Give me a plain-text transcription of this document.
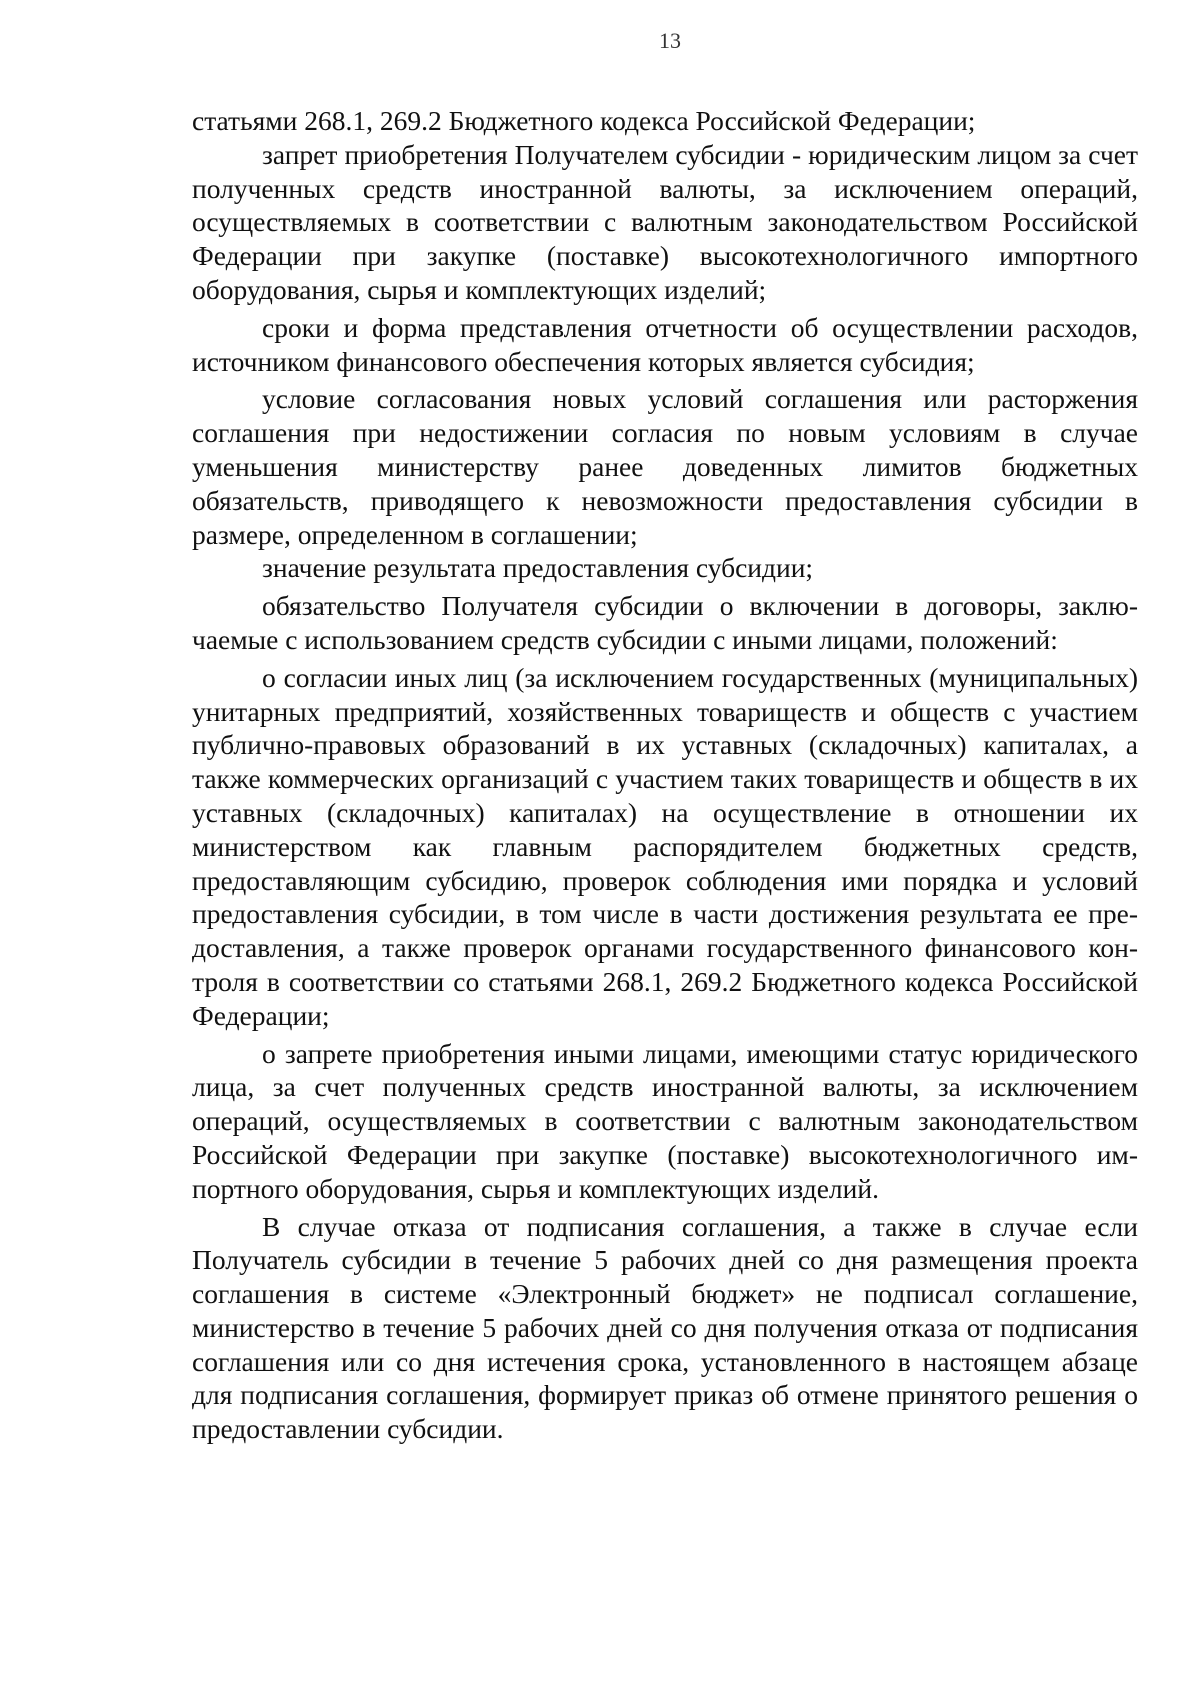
13

статьями 268.1, 269.2 Бюджетного кодекса Российской Федерации;

запрет приобретения Получателем субсидии - юридическим лицом за счет полученных средств иностранной валюты, за исключением операций, осуществляемых в соответствии с валютным законодательством Российской Федерации при закупке (поставке) высокотехнологичного импортного оборудования, сырья и комплектующих изделий;

сроки и форма представления отчетности об осуществлении расходов, источником финансового обеспечения которых является субсидия;

условие согласования новых условий соглашения или расторжения соглашения при недостижении согласия по новым условиям в случае уменьшения министерству ранее доведенных лимитов бюджетных обязательств, приводящего к невозможности предоставления субсидии в размере, определенном в соглашении;

значение результата предоставления субсидии;

обязательство Получателя субсидии о включении в договоры, заключаемые с использованием средств субсидии с иными лицами, положений:

о согласии иных лиц (за исключением государственных (муниципальных) унитарных предприятий, хозяйственных товариществ и обществ с участием публично-правовых образований в их уставных (складочных) капиталах, а также коммерческих организаций с участием таких товариществ и обществ в их уставных (складочных) капиталах) на осуществление в отношении их министерством как главным распорядителем бюджетных средств, предоставляющим субсидию, проверок соблюдения ими порядка и условий предоставления субсидии, в том числе в части достижения результата ее предоставления, а также проверок органами государственного финансового контроля в соответствии со статьями 268.1, 269.2 Бюджетного кодекса Российской Федерации;

о запрете приобретения иными лицами, имеющими статус юридического лица, за счет полученных средств иностранной валюты, за исключением операций, осуществляемых в соответствии с валютным законодательством Российской Федерации при закупке (поставке) высокотехнологичного импортного оборудования, сырья и комплектующих изделий.

В случае отказа от подписания соглашения, а также в случае если Получатель субсидии в течение 5 рабочих дней со дня размещения проекта соглашения в системе «Электронный бюджет» не подписал соглашение, министерство в течение 5 рабочих дней со дня получения отказа от подписания соглашения или со дня истечения срока, установленного в настоящем абзаце для подписания соглашения, формирует приказ об отмене принятого решения о предоставлении субсидии.
